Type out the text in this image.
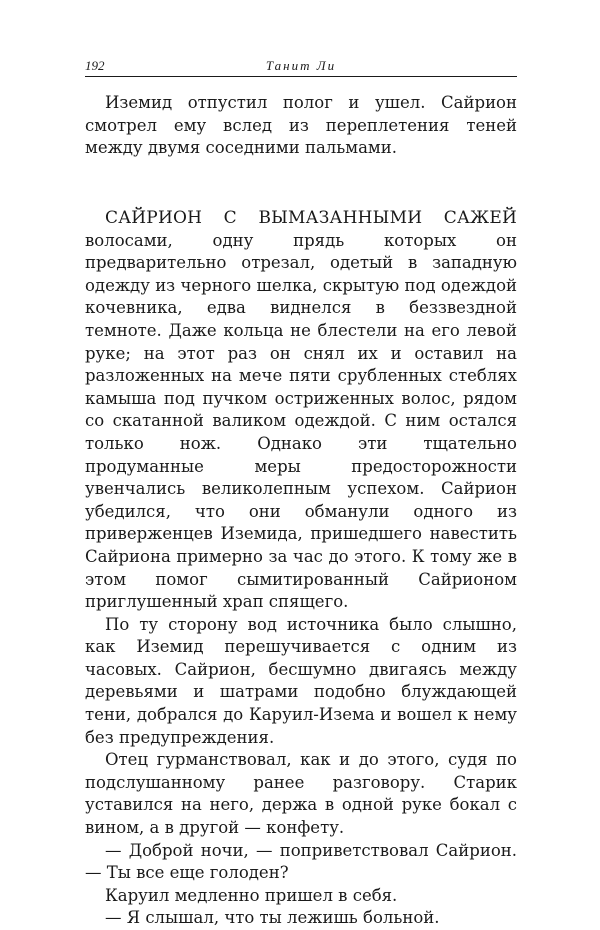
192	Танит Ли

Иземид отпустил полог и ушел. Сайрион смотрел ему вслед из переплетения теней между двумя соседними пальмами.

САЙРИОН С ВЫМАЗАННЫМИ САЖЕЙ волосами, одну прядь которых он предварительно отрезал, одетый в западную одежду из черного шелка, скрытую под одеждой кочевника, едва виднелся в беззвездной темноте. Даже кольца не блестели на его левой руке; на этот раз он снял их и оставил на разложенных на мече пяти срубленных стеблях камыша под пучком остриженных волос, рядом со скатанной валиком одеждой. С ним остался только нож. Однако эти тщательно продуманные меры предосторожности увенчались великолепным успехом. Сайрион убедился, что они обманули одного из приверженцев Иземида, пришедшего навестить Сайриона примерно за час до этого. К тому же в этом помог сымитированный Сайрионом приглушенный храп спящего.

По ту сторону вод источника было слышно, как Иземид перешучивается с одним из часовых. Сайрион, бесшумно двигаясь между деревьями и шатрами подобно блуждающей тени, добрался до Каруил-Изема и вошел к нему без предупреждения.

Отец гурманствовал, как и до этого, судя по подслушанному ранее разговору. Старик уставился на него, держа в одной руке бокал с вином, а в другой — конфету.

— Доброй ночи, — поприветствовал Сайрион. — Ты все еще голоден?

Каруил медленно пришел в себя.

— Я слышал, что ты лежишь больной.
